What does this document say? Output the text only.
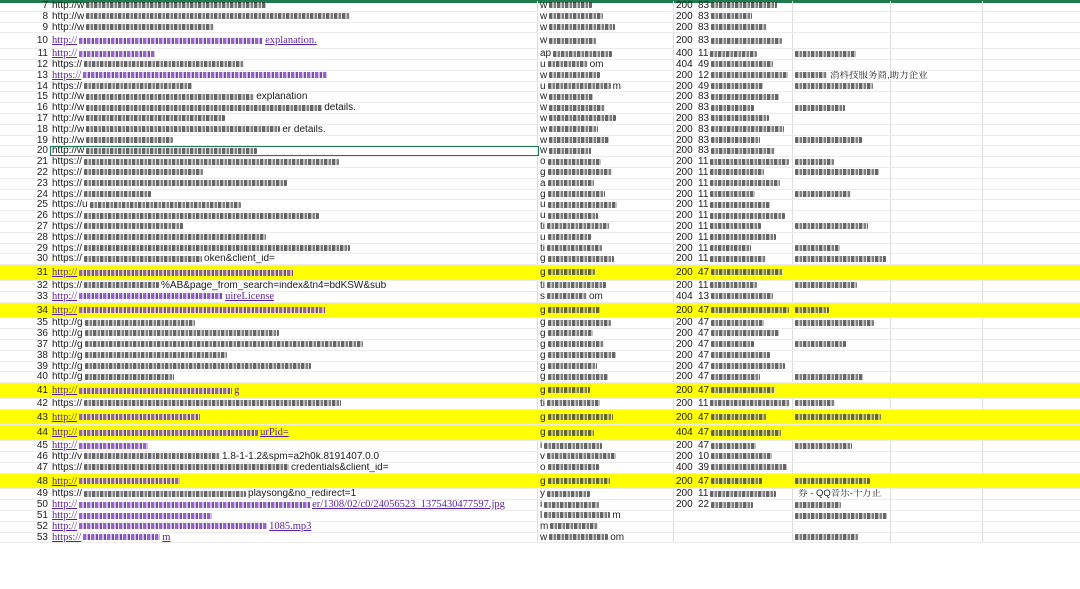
7 http://w	w	200 83
8 http://w	w	200 83
9 http://w	w	200 83
10 http://	explanation.	w	200 83
11 http://	ap	400 11
12 https://	u	om	404 49
13 https://	w	200 12	消科技服务商,助力企业
14 https://	u	m	200 49
15 http://w	explanation	w	200 83
16 http://w	details.	w	200 83
17 http://w	w	200 83
18 http://w	er details.	w	200 83
19 http://w	w	200 83
20 http://w	w	200 83
21 https://	o	200 11
22 https://	g	200 11
23 https://	a	200 11
24 https://	g	200 11
25 https://u	u	200 11
26 https://	u	200 11
27 https://	ti	200 11
28 https://	u	200 11
29 https://	ti	200 11
30 https://	oken&client_id=	g	200 11
31 http://	g	200 47
32 https://	%AB&page_from_search=index&tn4=bdKSW&sub	ti	200 11
33 http://	uireLicense	s	om	404 13
34 http://	g	200 47
35 http://g	g	200 47
36 http://g	g	200 47
37 http://g	g	200 47
38 http://g	g	200 47
39 http://g	g	200 47
40 http://g	g	200 47
41 http://	g	g	200 47
42 https://	ti	200 11
43 http://	g	200 47
44 http://	urPid=	g	404 47
45 http://	i	200 47
46 http://v	1.8-1-1.2&spm=a2h0k.8191407.0.0	v	200 10
47 https://	credentials&client_id=	o	400 39
48 http://	g	200 47
49 https://	playsong&no_redirect=1	y	200 11	券 - QQ音乐-千万正
50 http://	er/1308/02/c0/24056523_1375430477597.jpg	i	200 22
51 http://	l	m
52 http://	1085.mp3	m
53 https://	m	w	om
